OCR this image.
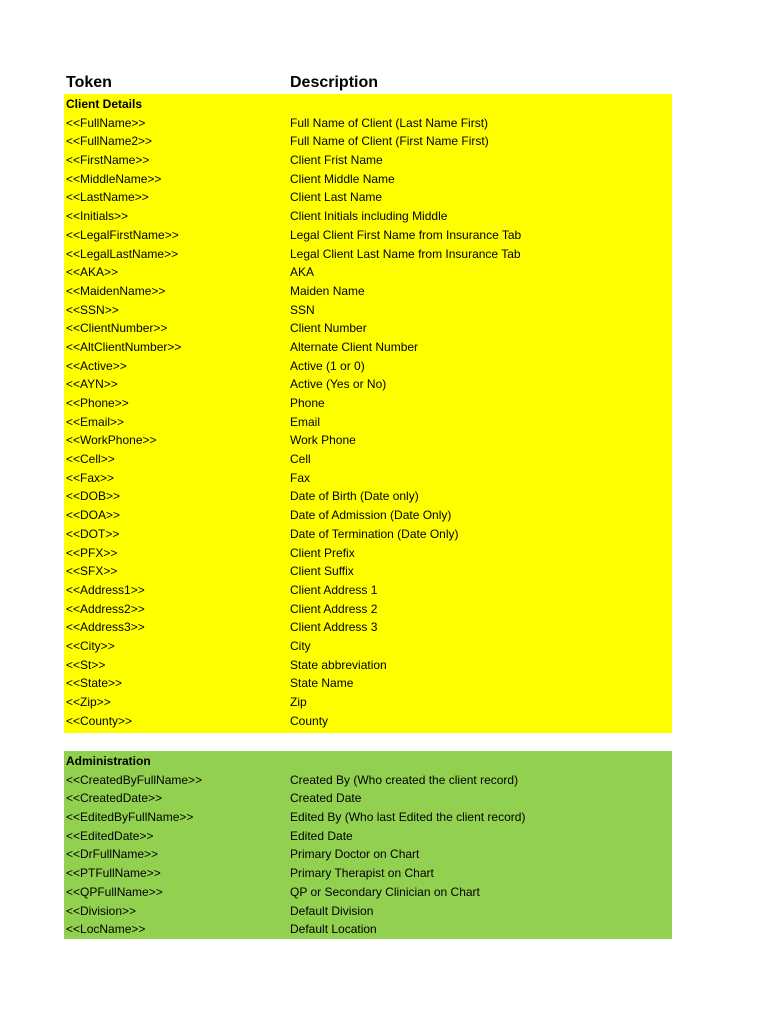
Token	Description
Client Details
<<FullName>>	Full Name of Client (Last Name First)
<<FullName2>>	Full Name of Client (First Name First)
<<FirstName>>	Client Frist Name
<<MiddleName>>	Client Middle Name
<<LastName>>	Client Last Name
<<Initials>>	Client Initials including Middle
<<LegalFirstName>>	Legal Client First Name from Insurance Tab
<<LegalLastName>>	Legal Client Last Name from Insurance Tab
<<AKA>>	AKA
<<MaidenName>>	Maiden Name
<<SSN>>	SSN
<<ClientNumber>>	Client Number
<<AltClientNumber>>	Alternate Client Number
<<Active>>	Active (1 or 0)
<<AYN>>	Active (Yes or No)
<<Phone>>	Phone
<<Email>>	Email
<<WorkPhone>>	Work Phone
<<Cell>>	Cell
<<Fax>>	Fax
<<DOB>>	Date of Birth (Date only)
<<DOA>>	Date of Admission (Date Only)
<<DOT>>	Date of Termination (Date Only)
<<PFX>>	Client Prefix
<<SFX>>	Client Suffix
<<Address1>>	Client Address 1
<<Address2>>	Client Address 2
<<Address3>>	Client Address 3
<<City>>	City
<<St>>	State abbreviation
<<State>>	State Name
<<Zip>>	Zip
<<County>>	County
Administration
<<CreatedByFullName>>	Created By (Who created the client record)
<<CreatedDate>>	Created Date
<<EditedByFullName>>	Edited By (Who last Edited the client record)
<<EditedDate>>	Edited Date
<<DrFullName>>	Primary Doctor on Chart
<<PTFullName>>	Primary Therapist on Chart
<<QPFullName>>	QP or Secondary Clinician on Chart
<<Division>>	Default Division
<<LocName>>	Default Location
